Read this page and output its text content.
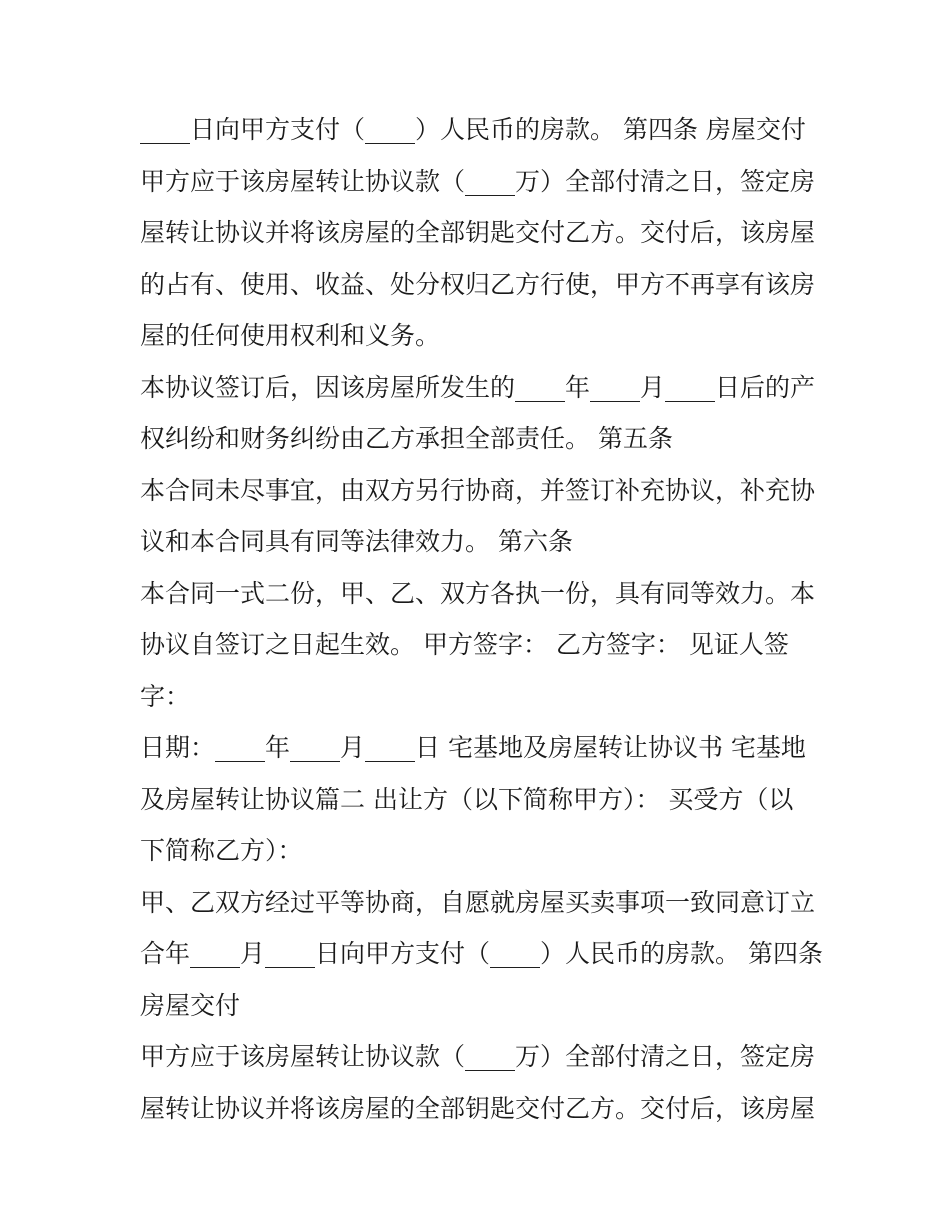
____日向甲方支付（____）人民币的房款。 第四条 房屋交付
甲方应于该房屋转让协议款（____万）全部付清之日，签定房
屋转让协议并将该房屋的全部钥匙交付乙方。交付后，该房屋
的占有、使用、收益、处分权归乙方行使，甲方不再享有该房
屋的任何使用权利和义务。
本协议签订后，因该房屋所发生的____年____月____日后的产
权纠纷和财务纠纷由乙方承担全部责任。 第五条
本合同未尽事宜，由双方另行协商，并签订补充协议，补充协
议和本合同具有同等法律效力。 第六条
本合同一式二份，甲、乙、双方各执一份，具有同等效力。本
协议自签订之日起生效。 甲方签字： 乙方签字： 见证人签
字：
日期：____年____月____日 宅基地及房屋转让协议书 宅基地
及房屋转让协议篇二 出让方（以下简称甲方）： 买受方（以
下简称乙方）：
甲、乙双方经过平等协商，自愿就房屋买卖事项一致同意订立
合年____月____日向甲方支付（____）人民币的房款。 第四条
房屋交付
甲方应于该房屋转让协议款（____万）全部付清之日，签定房
屋转让协议并将该房屋的全部钥匙交付乙方。交付后，该房屋
